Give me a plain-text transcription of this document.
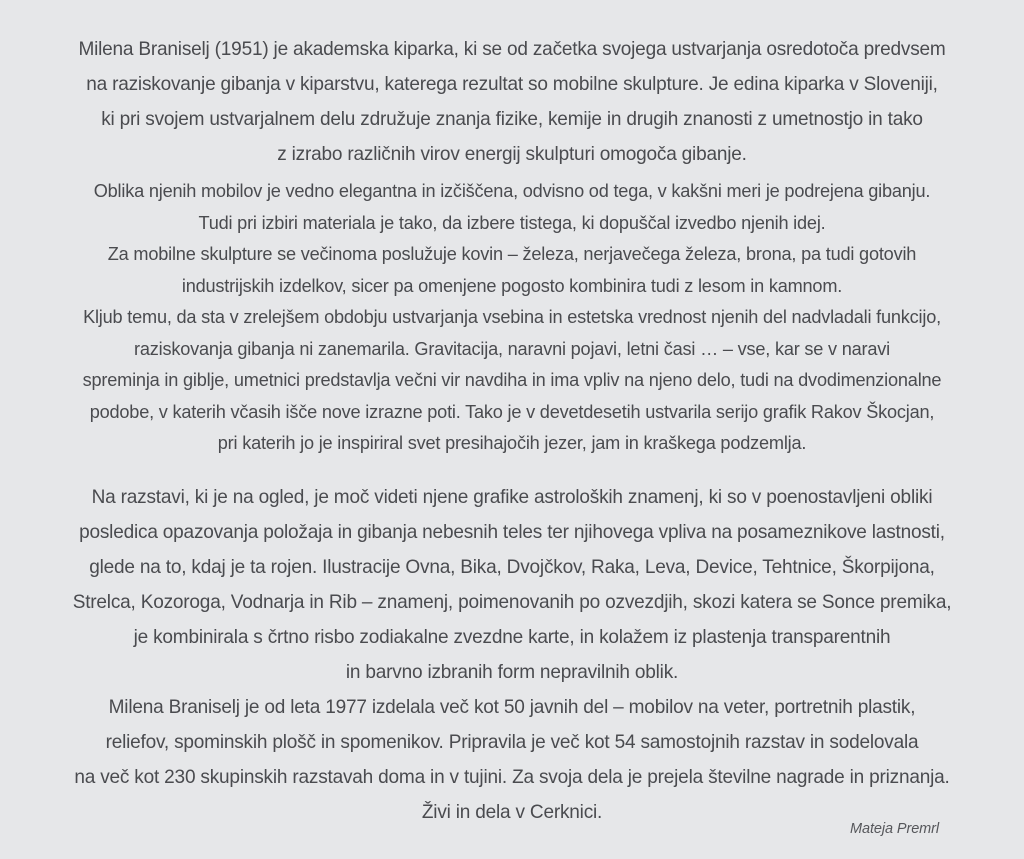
Milena Braniselj (1951) je akademska kiparka, ki se od začetka svojega ustvarjanja osredotoča predvsem
na raziskovanje gibanja v kiparstvu, katerega rezultat so mobilne skulpture. Je edina kiparka v Sloveniji,
ki pri svojem ustvarjalnem delu združuje znanja fizike, kemije in drugih znanosti z umetnostjo in tako
z izrabo različnih virov energij skulpturi omogoča gibanje.
Oblika njenih mobilov je vedno elegantna in izčiščena, odvisno od tega, v kakšni meri je podrejena gibanju.
Tudi pri izbiri materiala je tako, da izbere tistega, ki dopuščal izvedbo njenih idej.
Za mobilne skulpture se večinoma poslužuje kovin – železa, nerjavečega železa, brona, pa tudi gotovih
industrijskih izdelkov, sicer pa omenjene pogosto kombinira tudi z lesom in kamnom.
Kljub temu, da sta v zrelejšem obdobju ustvarjanja vsebina in estetska vrednost njenih del nadvladali funkcijo,
raziskovanja gibanja ni zanemarila. Gravitacija, naravni pojavi, letni časi … – vse, kar se v naravi
spreminja in giblje, umetnici predstavlja večni vir navdiha in ima vpliv na njeno delo, tudi na dvodimenzionalne
podobe, v katerih včasih išče nove izrazne poti. Tako je v devetdesetih ustvarila serijo grafik Rakov Škocjan,
pri katerih jo je inspiriral svet presihajočih jezer, jam in kraškega podzemlja.
Na razstavi, ki je na ogled, je moč videti njene grafike astroloških znamenj, ki so v poenostavljeni obliki
posledica opazovanja položaja in gibanja nebesnih teles ter njihovega vpliva na posameznikove lastnosti,
glede na to, kdaj je ta rojen. Ilustracije Ovna, Bika, Dvojčkov, Raka, Leva, Device, Tehtnice, Škorpijona,
Strelca, Kozoroga, Vodnarja in Rib – znamenj, poimenovanih po ozvezdjih, skozi katera se Sonce premika,
je kombinirala s črtno risbo zodiakalne zvezdne karte, in kolažem iz plastenja transparentnih
in barvno izbranih form nepravilnih oblik.
Milena Braniselj je od leta 1977 izdelala več kot 50 javnih del – mobilov na veter, portretnih plastik,
reliefov, spominskih plošč in spomenikov. Pripravila je več kot 54 samostojnih razstav in sodelovala
na več kot 230 skupinskih razstavah doma in v tujini. Za svoja dela je prejela številne nagrade in priznanja.
Živi in dela v Cerknici.
Mateja Premrl
